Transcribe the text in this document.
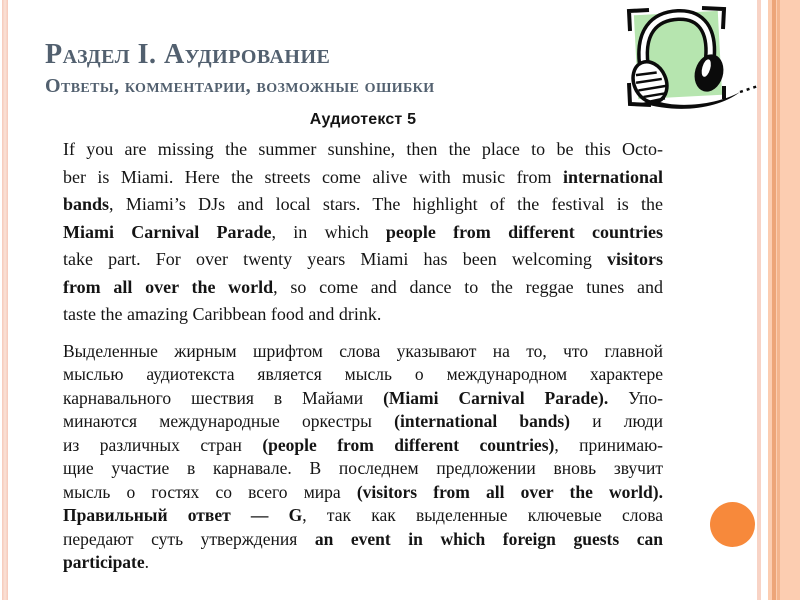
Раздел I. Аудирование
Ответы, комментарии, возможные ошибки
Аудиотекст 5
If you are missing the summer sunshine, then the place to be this Octo-
ber is Miami. Here the streets come alive with music from international
bands, Miami’s DJs and local stars. The highlight of the festival is the
Miami Carnival Parade, in which people from different countries
take part. For over twenty years Miami has been welcoming visitors
from all over the world, so come and dance to the reggae tunes and
taste the amazing Caribbean food and drink.
Выделенные жирным шрифтом слова указывают на то, что главной
мыслью аудиотекста является мысль о международном характере
карнавального шествия в Майами (Miami Carnival Parade). Упо-
минаются международные оркестры (international bands) и люди
из различных стран (people from different countries), принимаю-
щие участие в карнавале. В последнем предложении вновь звучит
мысль о гостях со всего мира (visitors from all over the world).
Правильный ответ — G, так как выделенные ключевые слова
передают суть утверждения an event in which foreign guests can
participate.
